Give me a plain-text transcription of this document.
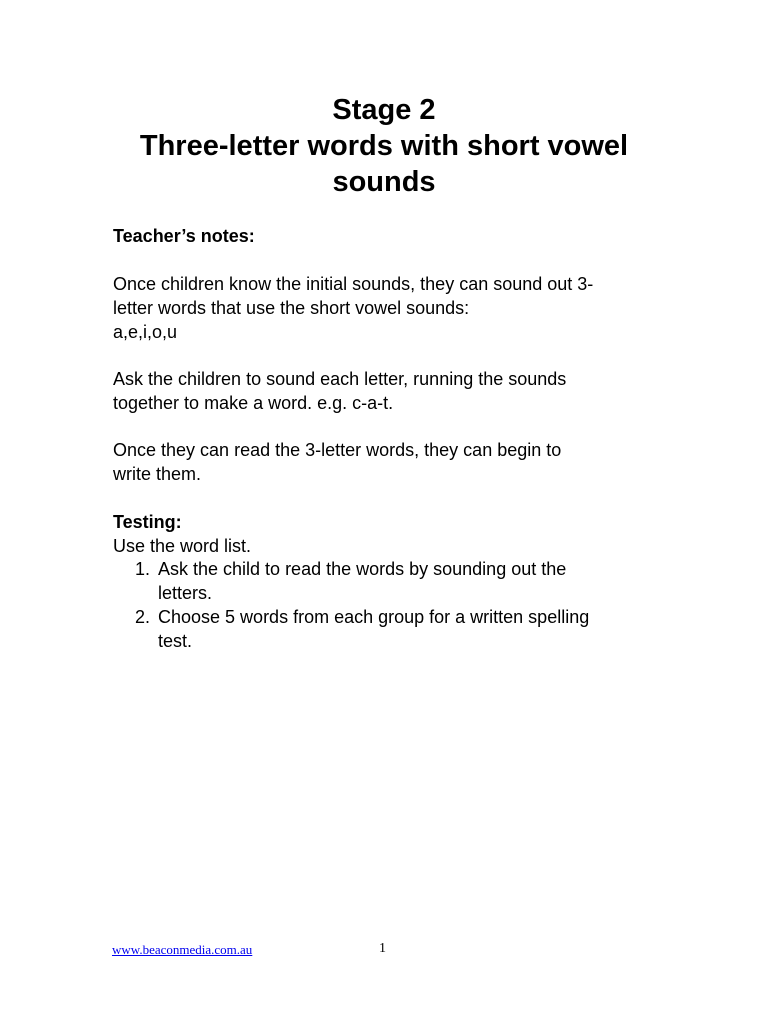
Stage 2
Three-letter words with short vowel
sounds
Teacher’s notes:
Once children know the initial sounds, they can sound out 3-
letter words that use the short vowel sounds:
a,e,i,o,u
Ask the children to sound each letter, running the sounds
together to make a word. e.g. c-a-t.
Once they can read the 3-letter words, they can begin to
write them.
Testing:
Use the word list.
1. Ask the child to read the words by sounding out the
letters.
2. Choose 5 words from each group for a written spelling
test.
www.beaconmedia.com.au	1
